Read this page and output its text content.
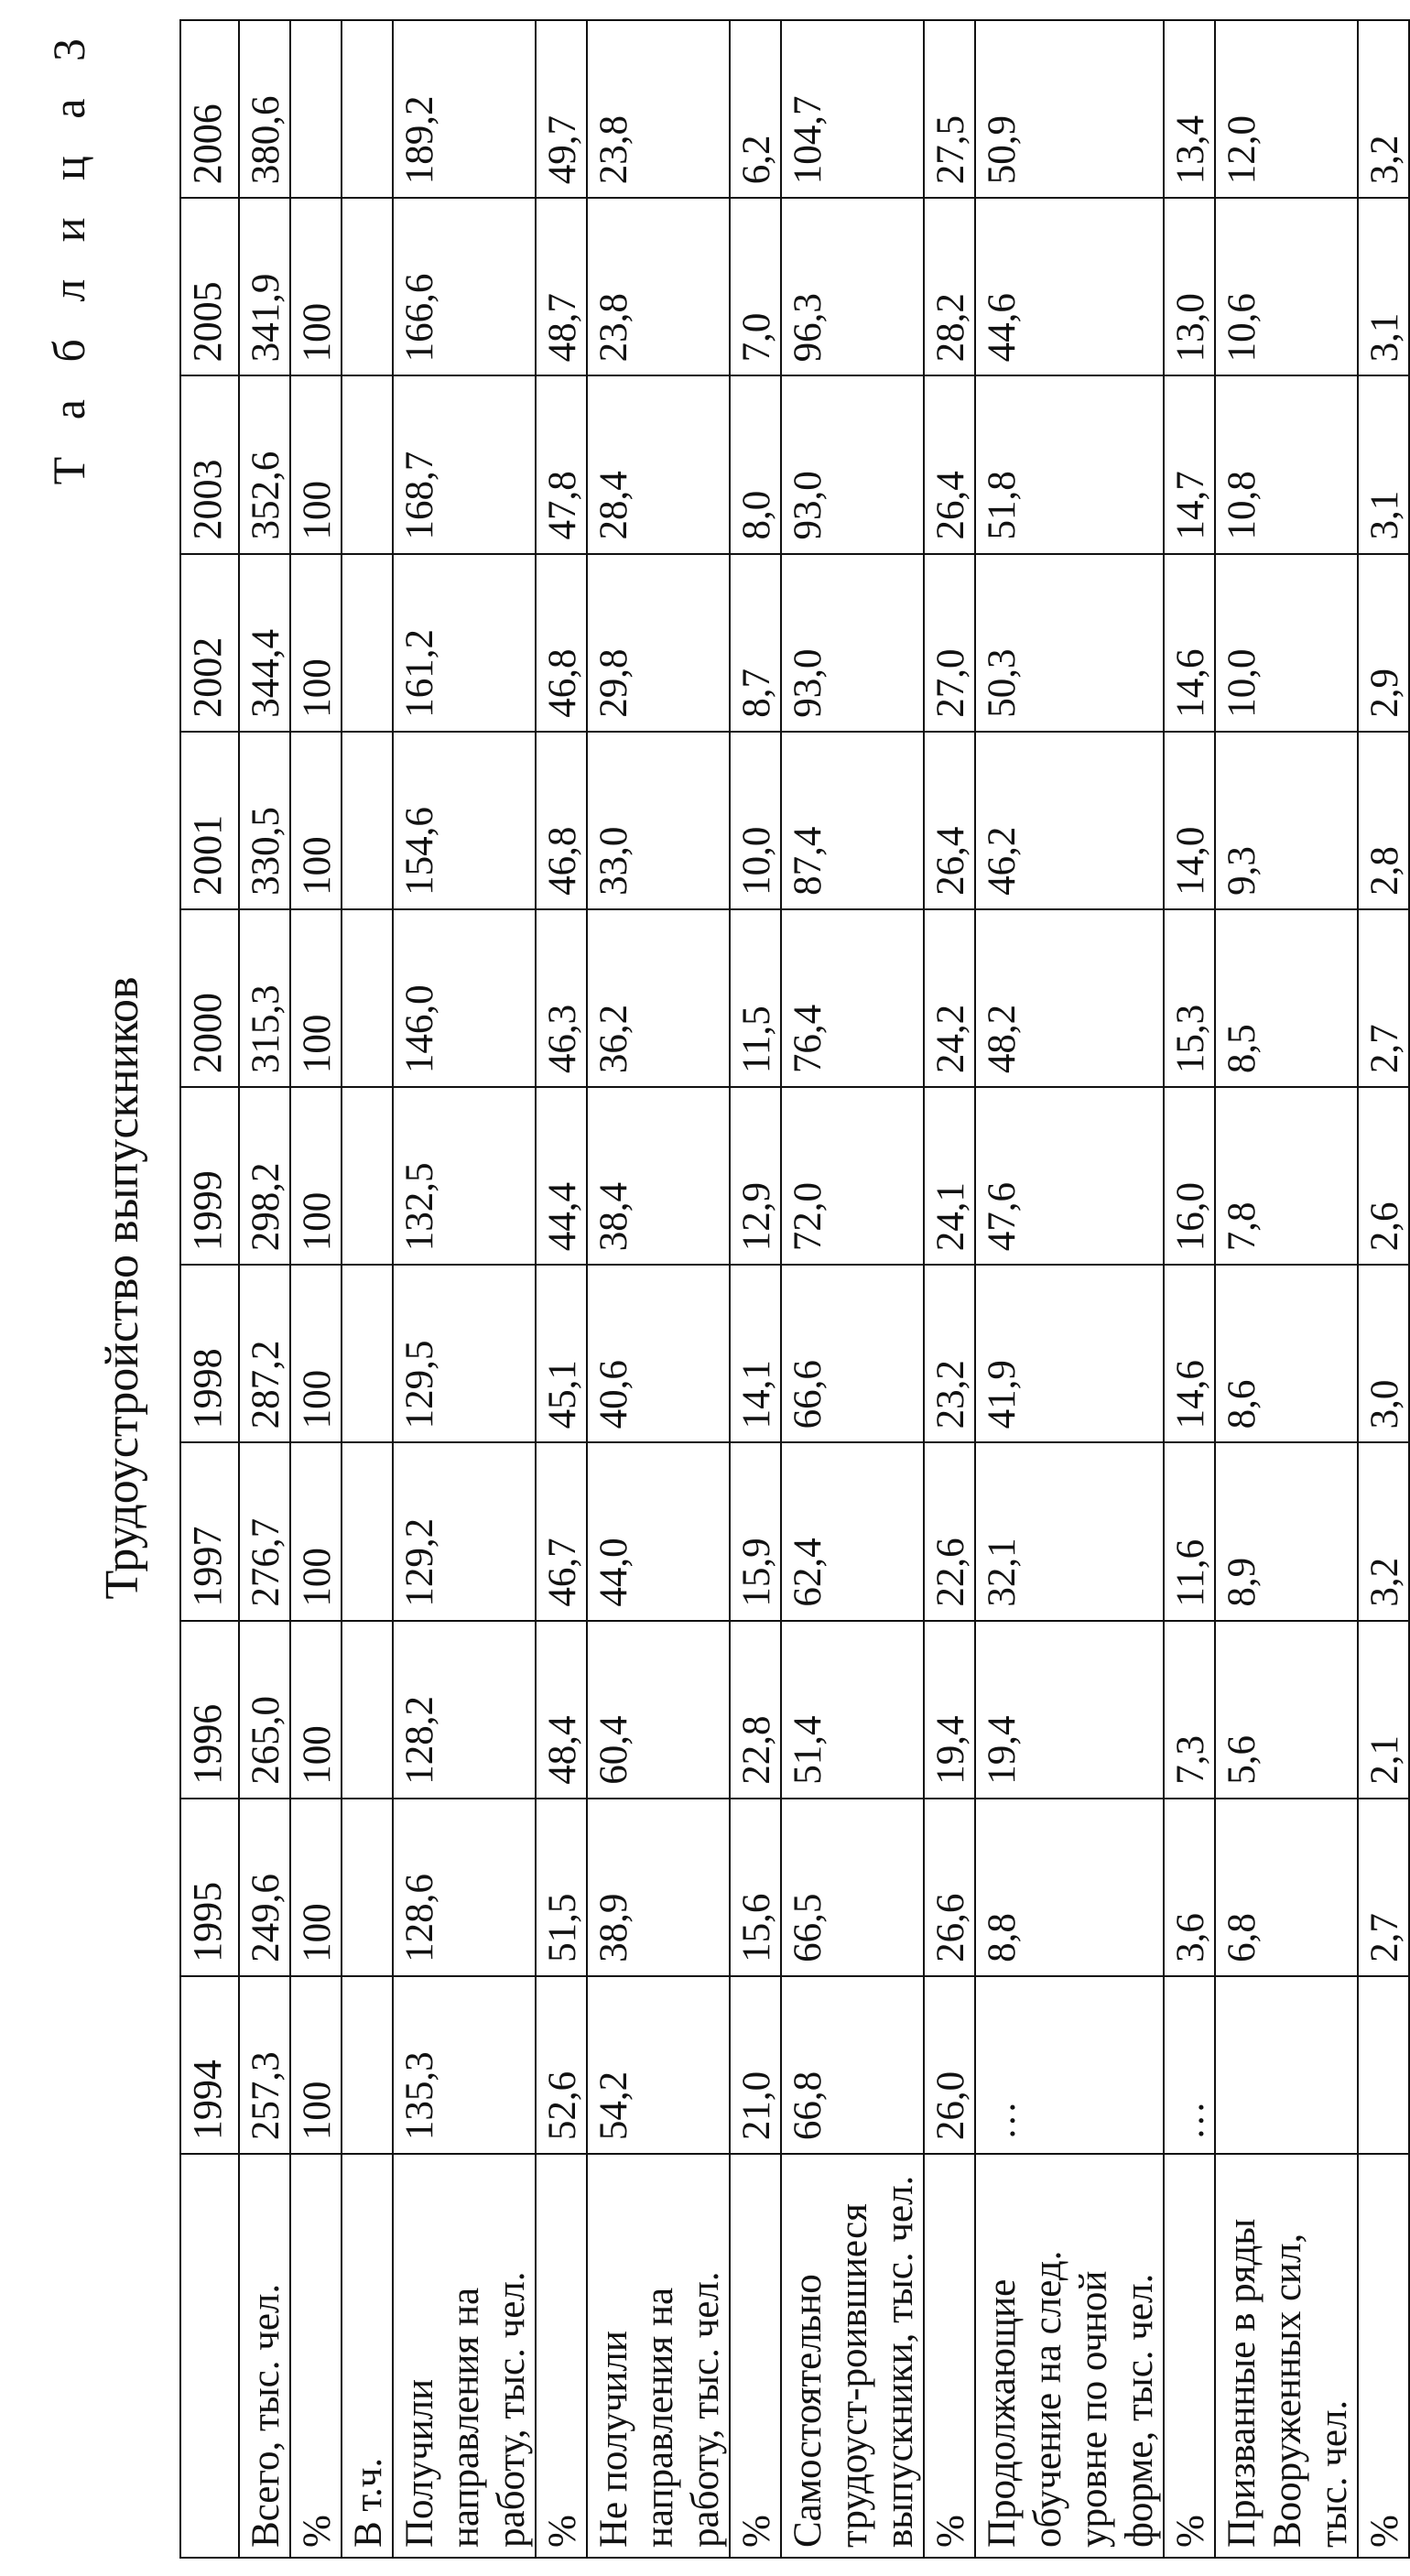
Т а б л и ц а 3
Трудоустройство выпускников
	1994	1995	1996	1997	1998	1999	2000	2001	2002	2003	2005	2006
Всего, тыс. чел.	257,3	249,6	265,0	276,7	287,2	298,2	315,3	330,5	344,4	352,6	341,9	380,6
%	100	100	100	100	100	100	100	100	100	100	100	
В т.ч.												
Получили направления на работу, тыс. чел.	135,3	128,6	128,2	129,2	129,5	132,5	146,0	154,6	161,2	168,7	166,6	189,2
%	52,6	51,5	48,4	46,7	45,1	44,4	46,3	46,8	46,8	47,8	48,7	49,7
Не получили направления на работу, тыс. чел.	54,2	38,9	60,4	44,0	40,6	38,4	36,2	33,0	29,8	28,4	23,8	23,8
%	21,0	15,6	22,8	15,9	14,1	12,9	11,5	10,0	8,7	8,0	7,0	6,2
Самостоятельно трудоуст-роившиеся выпускники, тыс. чел.	66,8	66,5	51,4	62,4	66,6	72,0	76,4	87,4	93,0	93,0	96,3	104,7
%	26,0	26,6	19,4	22,6	23,2	24,1	24,2	26,4	27,0	26,4	28,2	27,5
Продолжающие обучение на след. уровне по очной форме, тыс. чел.	…	8,8	19,4	32,1	41,9	47,6	48,2	46,2	50,3	51,8	44,6	50,9
%	…	3,6	7,3	11,6	14,6	16,0	15,3	14,0	14,6	14,7	13,0	13,4
Призванные в ряды Вооруженных сил, тыс. чел.		6,8	5,6	8,9	8,6	7,8	8,5	9,3	10,0	10,8	10,6	12,0
%		2,7	2,1	3,2	3,0	2,6	2,7	2,8	2,9	3,1	3,1	3,2
